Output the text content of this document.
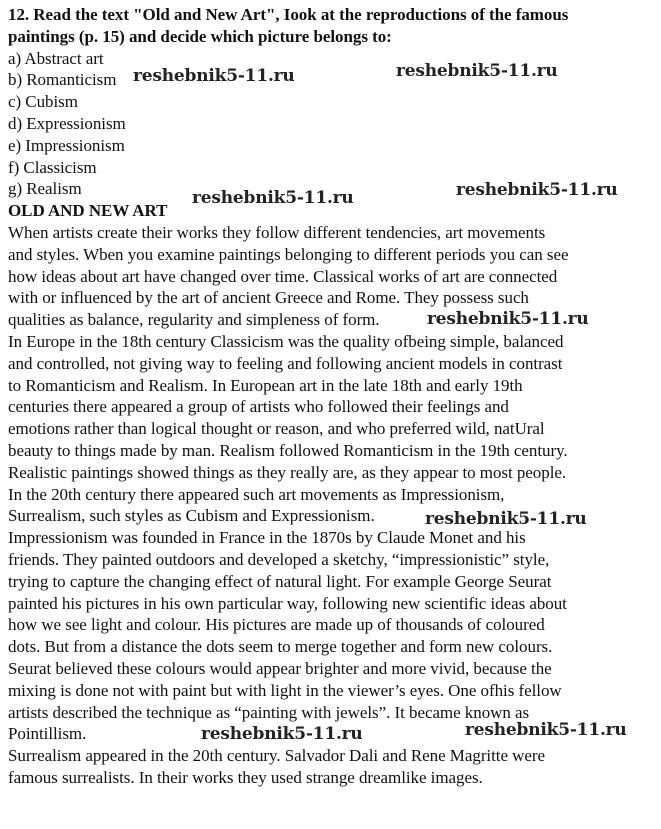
12. Read the text "Old and New Art", Iook at the reproductions of the famous
paintings (p. 15) and decide which picture belongs to:
a) Abstract art
b) Romanticism
c) Cubism
d) Expressionism
e) Impressionism
f) Classicism
g) Realism
OLD AND NEW ART
When artists create their works they follow different tendencies, art movements
and styles. Wben you examine paintings belonging to different periods you can see
how ideas about art have changed over time. Classical works of art are connected
with or influenced by the art of ancient Greece and Rome. They possess such
qualities as balance, regularity and simpleness of form.
In Europe in the 18th century Classicism was the quality ofbeing simple, balanced
and controlled, not giving way to feeling and following ancient models in contrast
to Romanticism and Realism. In European art in the late 18th and early 19th
centuries there appeared a group of artists who followed their feelings and
emotions rather than logical thought or reason, and who preferred wild, natUral
beauty to things made by man. Realism followed Romanticism in the 19th century.
Realistic paintings showed things as they really are, as they appear to most people.
In the 20th century there appeared such art movements as Impressionism,
Surrealism, such styles as Cubism and Expressionism.
Impressionism was founded in France in the 1870s by Claude Monet and his
friends. They painted outdoors and developed a sketchy, “impressionistic” style,
trying to capture the changing effect of natural light. For example George Seurat
painted his pictures in his own particular way, following new scientific ideas about
how we see light and colour. His pictures are made up of thousands of coloured
dots. But from a distance the dots seem to merge together and form new colours.
Seurat believed these colours would appear brighter and more vivid, because the
mixing is done not with paint but with light in the viewer’s eyes. One ofhis fellow
artists described the technique as “painting with jewels”. It became known as
Pointillism.
Surrealism appeared in the 20th century. Salvador Dali and Rene Magritte were
famous surrealists. In their works they used strange dreamlike images.
reshebnik5-11.ru	reshebnik5-11.ru
reshebnik5-11.ru	reshebnik5-11.ru
reshebnik5-11.ru
reshebnik5-11.ru
reshebnik5-11.ru	reshebnik5-11.ru
